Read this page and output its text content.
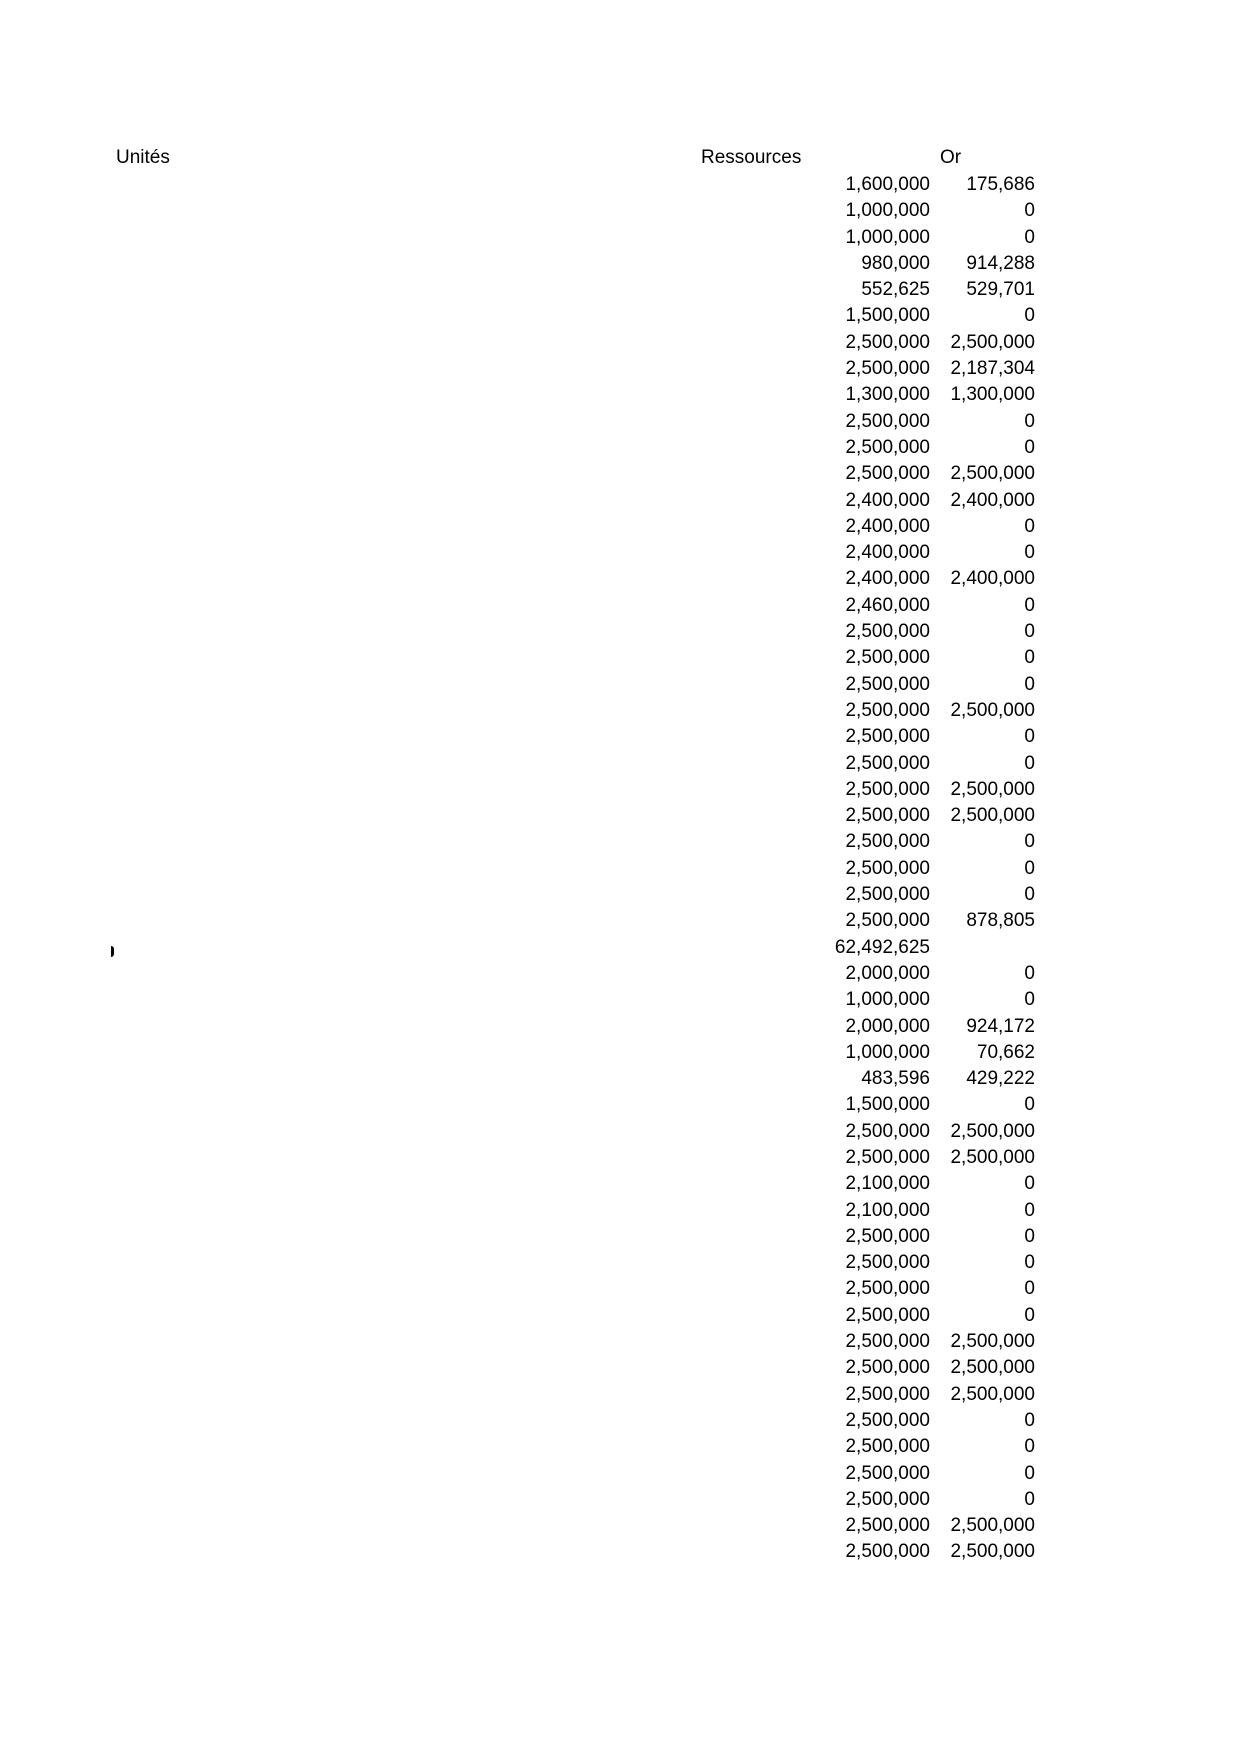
Unités	Ressources	Or
1,600,000 175,686
1,000,000	0
1,000,000	0
980,000 914,288
552,625 529,701
1,500,000	0
2,500,000 2,500,000
2,500,000 2,187,304
1,300,000 1,300,000
2,500,000	0
2,500,000	0
2,500,000 2,500,000
2,400,000 2,400,000
2,400,000	0
2,400,000	0
2,400,000 2,400,000
2,460,000	0
2,500,000	0
2,500,000	0
2,500,000	0
2,500,000 2,500,000
2,500,000	0
2,500,000	0
2,500,000 2,500,000
2,500,000 2,500,000
2,500,000	0
2,500,000	0
2,500,000	0
2,500,000 878,805
62,492,625
2,000,000	0
1,000,000	0
2,000,000 924,172
1,000,000 70,662
483,596 429,222
1,500,000	0
2,500,000 2,500,000
2,500,000 2,500,000
2,100,000	0
2,100,000	0
2,500,000	0
2,500,000	0
2,500,000	0
2,500,000	0
2,500,000 2,500,000
2,500,000 2,500,000
2,500,000 2,500,000
2,500,000	0
2,500,000	0
2,500,000	0
2,500,000	0
2,500,000 2,500,000
2,500,000 2,500,000
